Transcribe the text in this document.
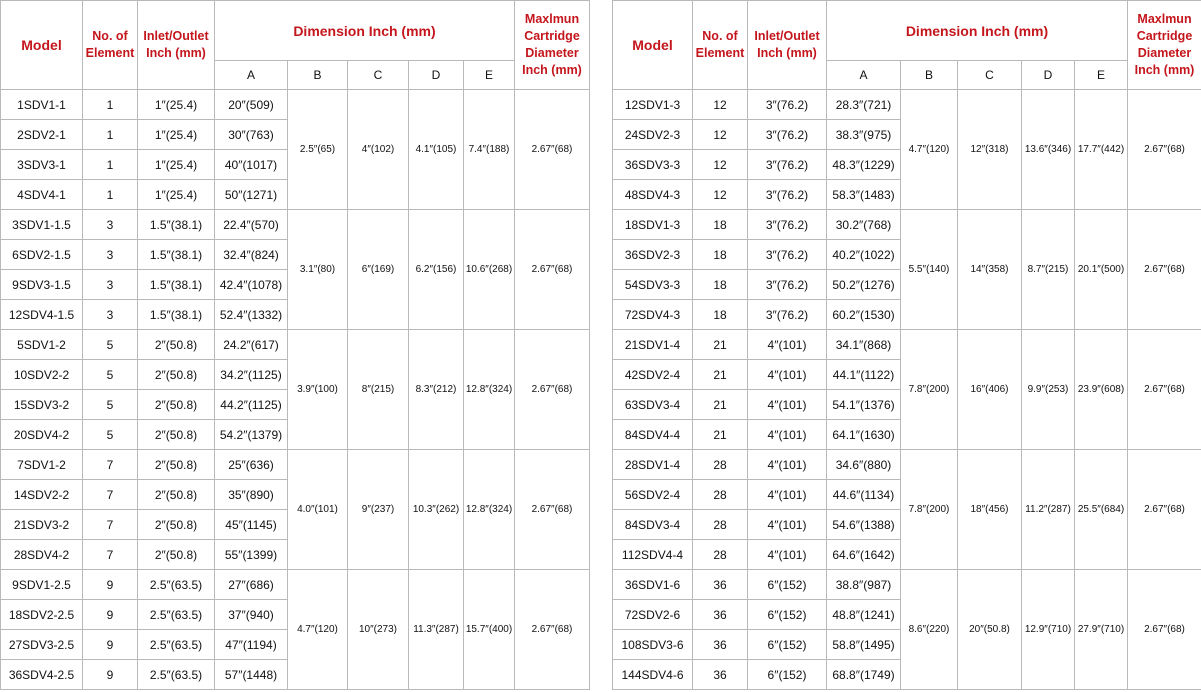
Model	No. of Element	Inlet/Outlet Inch (mm)	Dimension Inch (mm)					Maxlmun Cartridge Diameter Inch (mm)
			A	B	C	D	E	
1SDV1-1	1	1″(25.4)	20″(509)	2.5″(65)	4″(102)	4.1″(105)	7.4″(188)	2.67″(68)
2SDV2-1	1	1″(25.4)	30″(763)					
3SDV3-1	1	1″(25.4)	40″(1017)					
4SDV4-1	1	1″(25.4)	50″(1271)					
3SDV1-1.5	3	1.5″(38.1)	22.4″(570)	3.1″(80)	6″(169)	6.2″(156)	10.6″(268)	2.67″(68)
6SDV2-1.5	3	1.5″(38.1)	32.4″(824)					
9SDV3-1.5	3	1.5″(38.1)	42.4″(1078)					
12SDV4-1.5	3	1.5″(38.1)	52.4″(1332)					
5SDV1-2	5	2″(50.8)	24.2″(617)	3.9″(100)	8″(215)	8.3″(212)	12.8″(324)	2.67″(68)
10SDV2-2	5	2″(50.8)	34.2″(1125)					
15SDV3-2	5	2″(50.8)	44.2″(1125)					
20SDV4-2	5	2″(50.8)	54.2″(1379)					
7SDV1-2	7	2″(50.8)	25″(636)	4.0″(101)	9″(237)	10.3″(262)	12.8″(324)	2.67″(68)
14SDV2-2	7	2″(50.8)	35″(890)					
21SDV3-2	7	2″(50.8)	45″(1145)					
28SDV4-2	7	2″(50.8)	55″(1399)					
9SDV1-2.5	9	2.5″(63.5)	27″(686)	4.7″(120)	10″(273)	11.3″(287)	15.7″(400)	2.67″(68)
18SDV2-2.5	9	2.5″(63.5)	37″(940)					
27SDV3-2.5	9	2.5″(63.5)	47″(1194)					
36SDV4-2.5	9	2.5″(63.5)	57″(1448)					
Model	No. of Element	Inlet/Outlet Inch (mm)	Dimension Inch (mm)					Maxlmun Cartridge Diameter Inch (mm)
			A	B	C	D	E	
12SDV1-3	12	3″(76.2)	28.3″(721)	4.7″(120)	12″(318)	13.6″(346)	17.7″(442)	2.67″(68)
24SDV2-3	12	3″(76.2)	38.3″(975)					
36SDV3-3	12	3″(76.2)	48.3″(1229)					
48SDV4-3	12	3″(76.2)	58.3″(1483)					
18SDV1-3	18	3″(76.2)	30.2″(768)	5.5″(140)	14″(358)	8.7″(215)	20.1″(500)	2.67″(68)
36SDV2-3	18	3″(76.2)	40.2″(1022)					
54SDV3-3	18	3″(76.2)	50.2″(1276)					
72SDV4-3	18	3″(76.2)	60.2″(1530)					
21SDV1-4	21	4″(101)	34.1″(868)	7.8″(200)	16″(406)	9.9″(253)	23.9″(608)	2.67″(68)
42SDV2-4	21	4″(101)	44.1″(1122)					
63SDV3-4	21	4″(101)	54.1″(1376)					
84SDV4-4	21	4″(101)	64.1″(1630)					
28SDV1-4	28	4″(101)	34.6″(880)	7.8″(200)	18″(456)	11.2″(287)	25.5″(684)	2.67″(68)
56SDV2-4	28	4″(101)	44.6″(1134)					
84SDV3-4	28	4″(101)	54.6″(1388)					
112SDV4-4	28	4″(101)	64.6″(1642)					
36SDV1-6	36	6″(152)	38.8″(987)	8.6″(220)	20″(50.8)	12.9″(710)	27.9″(710)	2.67″(68)
72SDV2-6	36	6″(152)	48.8″(1241)					
108SDV3-6	36	6″(152)	58.8″(1495)					
144SDV4-6	36	6″(152)	68.8″(1749)					
